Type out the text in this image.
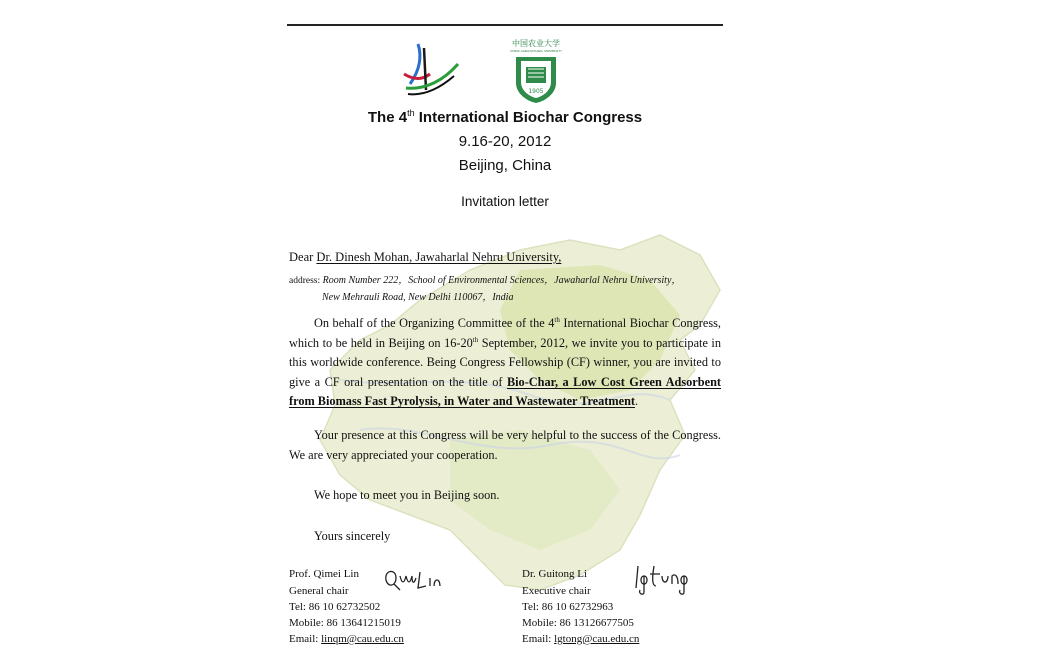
中国农业大学
CHINA AGRICULTURAL UNIVERSITY
1905
The 4th International Biochar Congress
9.16-20, 2012
Beijing, China
Invitation letter
Dear Dr. Dinesh Mohan, Jawaharlal Nehru University,
address: Room Number 222，School of Environmental Sciences，Jawaharlal Nehru University，
New Mehrauli Road, New Delhi 110067，India

On behalf of the Organizing Committee of the 4th International Biochar Congress, which to be held in Beijing on 16-20th September, 2012, we invite you to participate in this worldwide conference. Being Congress Fellowship (CF) winner, you are invited to give a CF oral presentation on the title of Bio-Char, a Low Cost Green Adsorbent from Biomass Fast Pyrolysis, in Water and Wastewater Treatment.

Your presence at this Congress will be very helpful to the success of the Congress. We are very appreciated your cooperation.

We hope to meet you in Beijing soon.

Yours sincerely

Prof. Qimei Lin
General chair
Tel: 86 10 62732502
Mobile: 86 13641215019
Email: linqm@cau.edu.cn
Dr. Guitong Li
Executive chair
Tel: 86 10 62732963
Mobile: 86 13126677505
Email: lgtong@cau.edu.cn
